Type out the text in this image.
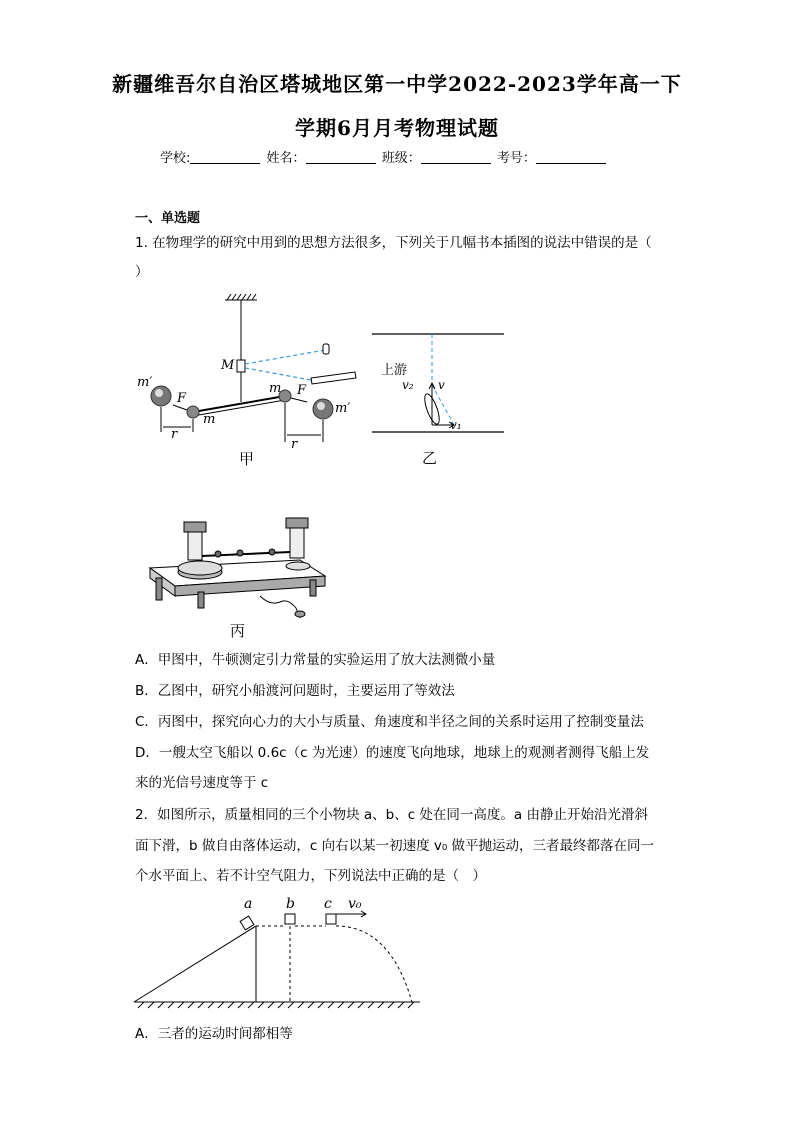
新疆维吾尔自治区塔城地区第一中学2022-2023学年高一下
学期6月月考物理试题
学校:	姓名：	班级：	考号：
一、单选题
1. 在物理学的研究中用到的思想方法很多，下列关于几幅书本插图的说法中错误的是（
）
M
m′
m′
F
F
m
m
r
r
甲
v
v₂
v₁
上游
乙
丙
A．甲图中，牛顿测定引力常量的实验运用了放大法测微小量
B．乙图中，研究小船渡河问题时，主要运用了等效法
C．丙图中，探究向心力的大小与质量、角速度和半径之间的关系时运用了控制变量法
D．一艘太空飞船以 0.6c（c 为光速）的速度飞向地球，地球上的观测者测得飞船上发
来的光信号速度等于 c
2．如图所示，质量相同的三个小物块 a、b、c 处在同一高度。a 由静止开始沿光滑斜
面下滑，b 做自由落体运动，c 向右以某一初速度 v₀ 做平抛运动，三者最终都落在同一
个水平面上、若不计空气阻力，下列说法中正确的是（　）
a b c v₀
A．三者的运动时间都相等
